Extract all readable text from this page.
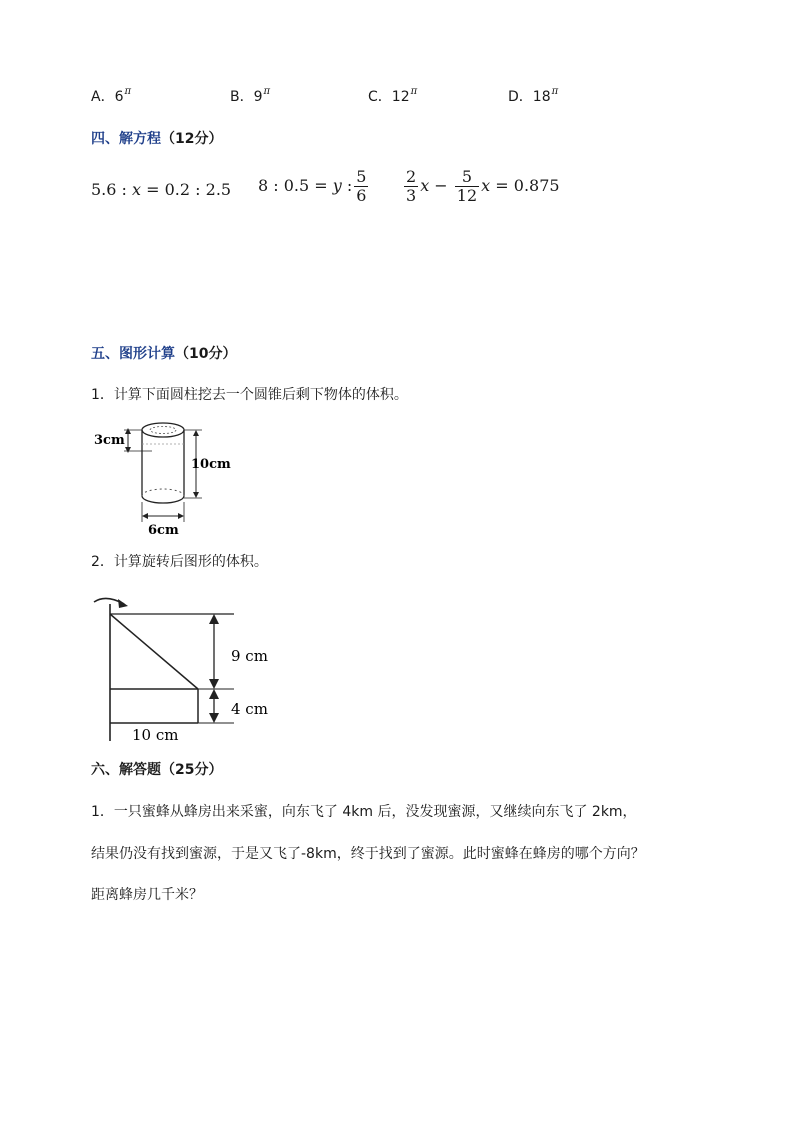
A．$6^\pi$	B．$9^\pi$	C．$12^\pi$	D．$18^\pi$
四、解方程（12分）
5.6 : x = 0.2 : 2.5 8 : 0.5 = y : $\frac{5}{6} \frac{2}{3}$ $x - \frac{5}{12}$ x = 0.875
五、图形计算（10分）
1．计算下面圆柱挖去一个圆锥后剩下物体的体积。
3cm
10cm
6cm
2．计算旋转后图形的体积。
9 cm
4 cm
10 cm
六、解答题（25分）
1．一只蜜蜂从蜂房出来采蜜，向东飞了 4km 后，没发现蜜源，又继续向东飞了 2km，
结果仍没有找到蜜源，于是又飞了-8km，终于找到了蜜源。此时蜜蜂在蜂房的哪个方向？
距离蜂房几千米？
